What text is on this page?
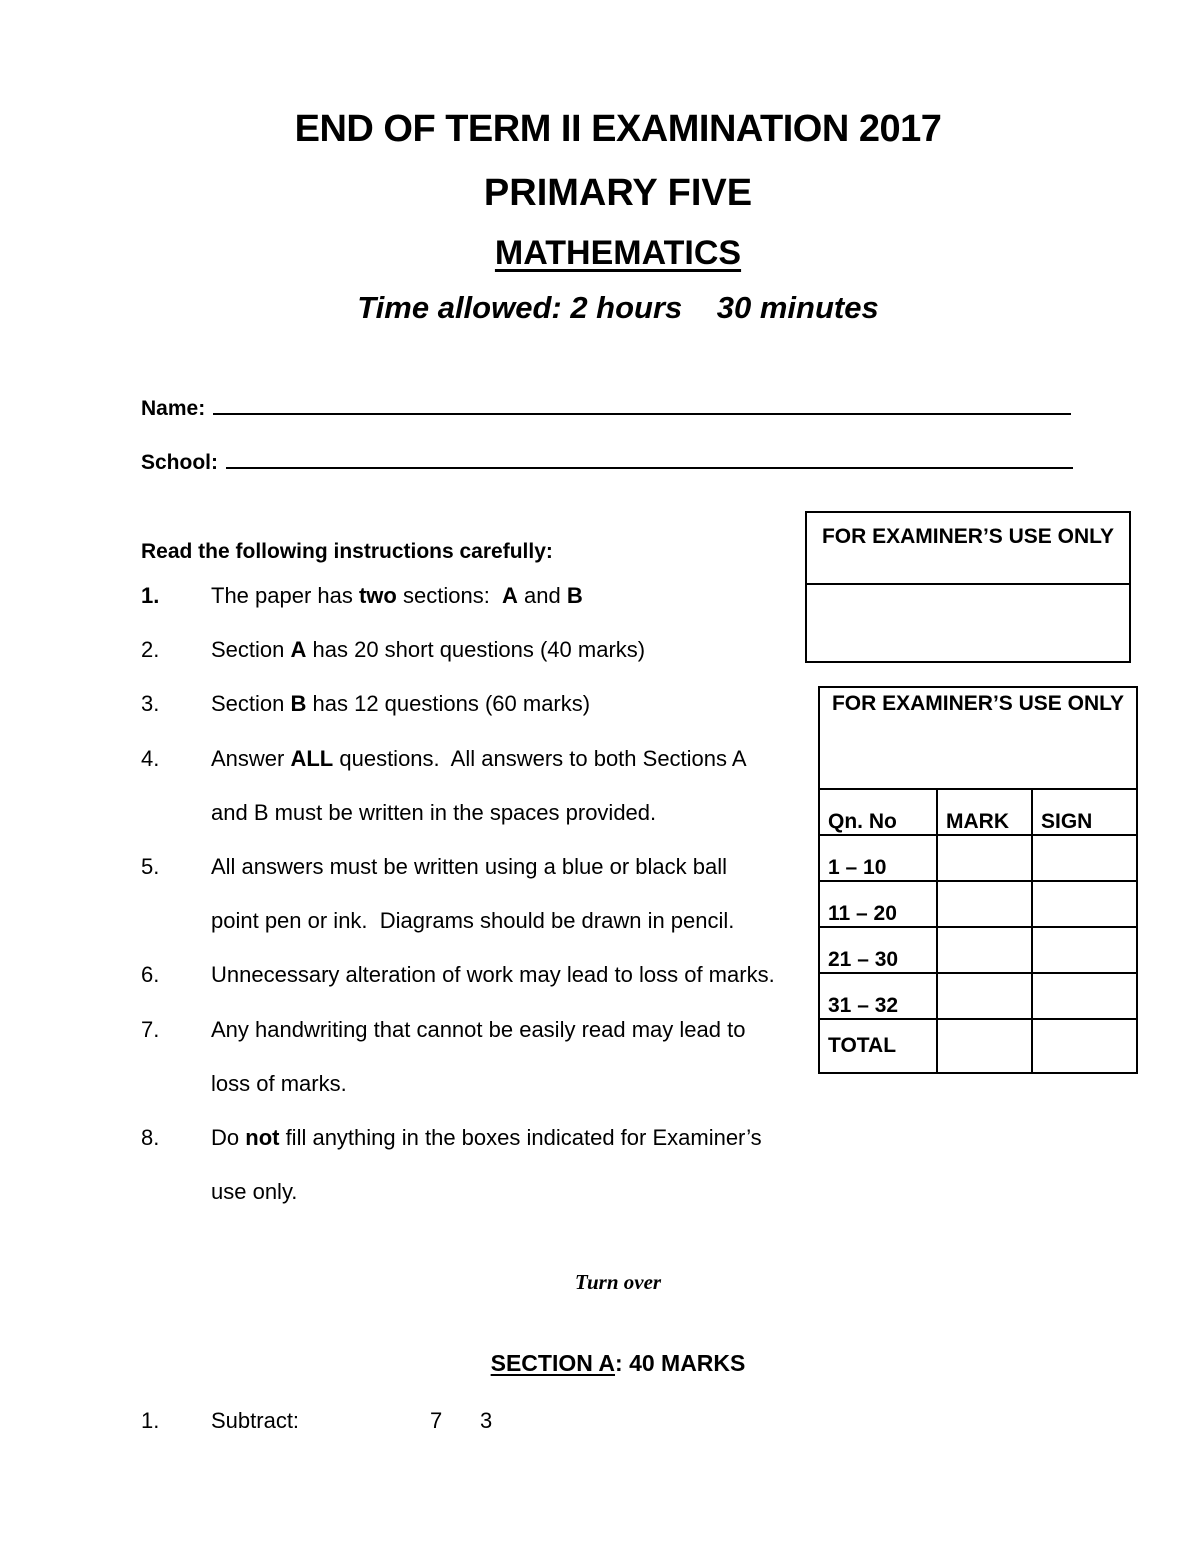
END OF TERM II EXAMINATION 2017
PRIMARY FIVE
MATHEMATICS
Time allowed: 2 hours    30 minutes
Name:
School:
Read the following instructions carefully:
1.	The paper has two sections:  A and B
2.	Section A has 20 short questions (40 marks)
3.	Section B has 12 questions (60 marks)
4.	Answer ALL questions.  All answers to both Sections A
and B must be written in the spaces provided.
5.	All answers must be written using a blue or black ball
point pen or ink.  Diagrams should be drawn in pencil.
6.	Unnecessary alteration of work may lead to loss of marks.
7.	Any handwriting that cannot be easily read may lead to
loss of marks.
8.	Do not fill anything in the boxes indicated for Examiner’s
use only.
FOR EXAMINER’S USE ONLY
FOR EXAMINER’S USE ONLY		
Qn. No	MARK	SIGN
1 – 10		
11 – 20		
21 – 30		
31 – 32		
TOTAL		
Turn over
SECTION A: 40 MARKS
1. Subtract:	7 3
